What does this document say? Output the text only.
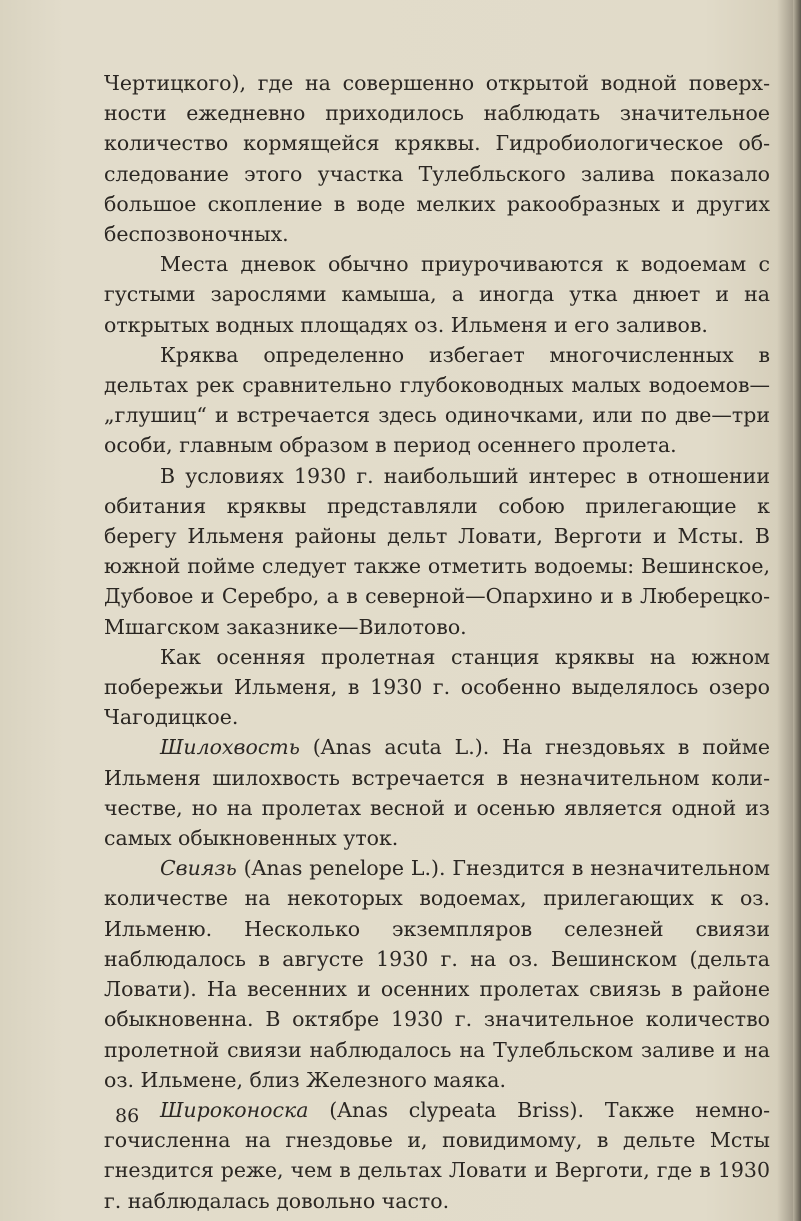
Чертицкого), где на совершенно открытой водной поверхности ежедневно приходилось наблюдать значительное количество кормящейся кряквы. Гидробиологическое обследование этого участка Тулебльского залива показало большое скопление в воде мелких ракообразных и других беспозвоночных.

Места дневок обычно приурочиваются к водоемам с густыми зарослями камыша, а иногда утка днюет и на открытых водных площадях оз. Ильменя и его заливов.

Кряква определенно избегает многочисленных в дельтах рек сравнительно глубоководных малых водоемов—„глушиц“ и встречается здесь одиночками, или по две—три особи, главным образом в период осеннего пролета.

В условиях 1930 г. наибольший интерес в отношении обитания кряквы представляли собою прилегающие к берегу Ильменя районы дельт Ловати, Верготи и Мсты. В южной пойме следует также отметить водоемы: Вешинское, Дубовое и Серебро, а в северной—Опархино и в Люберецко-Мшагском заказнике—Вилотово.

Как осенняя пролетная станция кряквы на южном побережьи Ильменя, в 1930 г. особенно выделялось озеро Чагодицкое.

Шилохвость (Anas acuta L.). На гнездовьях в пойме Ильменя шилохвость встречается в незначительном количестве, но на пролетах весной и осенью является одной из самых обыкновенных уток.

Свиязь (Anas penelope L.). Гнездится в незначительном количестве на некоторых водоемах, прилегающих к оз. Ильменю. Несколько экземпляров селезней свиязи наблюдалось в августе 1930 г. на оз. Вешинском (дельта Ловати). На весенних и осенних пролетах свиязь в районе обыкновенна. В октябре 1930 г. значительное количество пролетной свиязи наблюдалось на Тулебльском заливе и на оз. Ильмене, близ Железного маяка.

Широконоска (Anas clypeata Briss). Также немногочисленна на гнездовье и, повидимому, в дельте Мсты гнездится реже, чем в дельтах Ловати и Верготи, где в 1930 г. наблюдалась довольно часто.

86
